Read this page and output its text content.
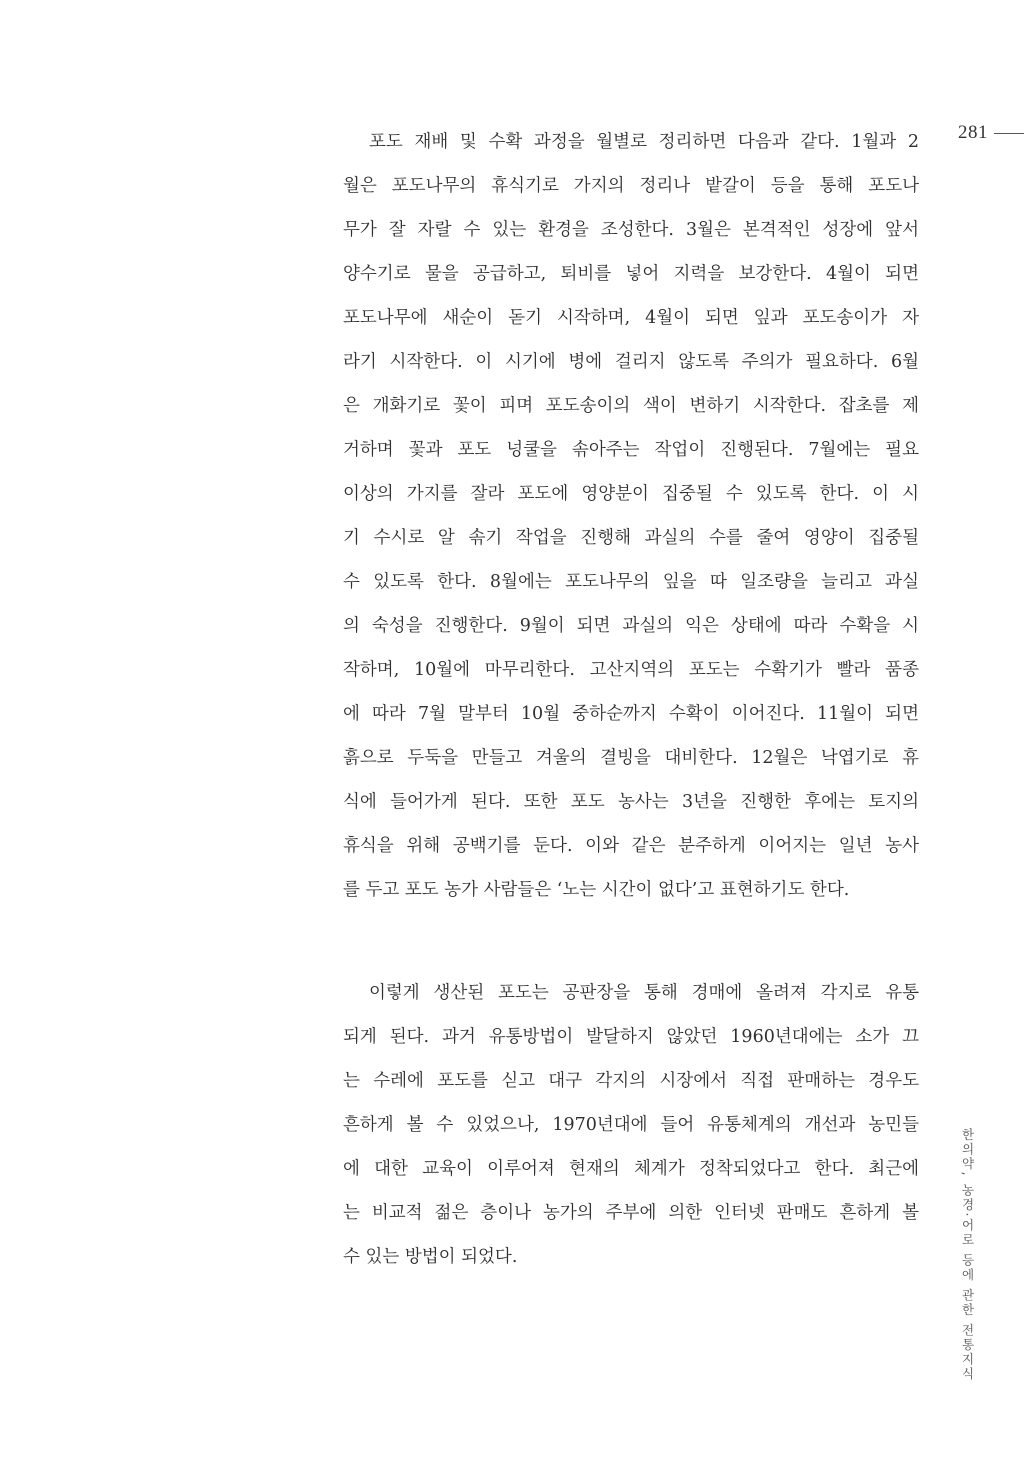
281
포도 재배 및 수확 과정을 월별로 정리하면 다음과 같다. 1월과 2
월은 포도나무의 휴식기로 가지의 정리나 밭갈이 등을 통해 포도나
무가 잘 자랄 수 있는 환경을 조성한다. 3월은 본격적인 성장에 앞서
양수기로 물을 공급하고, 퇴비를 넣어 지력을 보강한다. 4월이 되면
포도나무에 새순이 돋기 시작하며, 4월이 되면 잎과 포도송이가 자
라기 시작한다. 이 시기에 병에 걸리지 않도록 주의가 필요하다. 6월
은 개화기로 꽃이 피며 포도송이의 색이 변하기 시작한다. 잡초를 제
거하며 꽃과 포도 넝쿨을 솎아주는 작업이 진행된다. 7월에는 필요
이상의 가지를 잘라 포도에 영양분이 집중될 수 있도록 한다. 이 시
기 수시로 알 솎기 작업을 진행해 과실의 수를 줄여 영양이 집중될
수 있도록 한다. 8월에는 포도나무의 잎을 따 일조량을 늘리고 과실
의 숙성을 진행한다. 9월이 되면 과실의 익은 상태에 따라 수확을 시
작하며, 10월에 마무리한다. 고산지역의 포도는 수확기가 빨라 품종
에 따라 7월 말부터 10월 중하순까지 수확이 이어진다. 11월이 되면
흙으로 두둑을 만들고 겨울의 결빙을 대비한다. 12월은 낙엽기로 휴
식에 들어가게 된다. 또한 포도 농사는 3년을 진행한 후에는 토지의
휴식을 위해 공백기를 둔다. 이와 같은 분주하게 이어지는 일년 농사
를 두고 포도 농가 사람들은 ‘노는 시간이 없다’고 표현하기도 한다.
이렇게 생산된 포도는 공판장을 통해 경매에 올려져 각지로 유통
되게 된다. 과거 유통방법이 발달하지 않았던 1960년대에는 소가 끄
는 수레에 포도를 싣고 대구 각지의 시장에서 직접 판매하는 경우도
흔하게 볼 수 있었으나, 1970년대에 들어 유통체계의 개선과 농민들
에 대한 교육이 이루어져 현재의 체계가 정착되었다고 한다. 최근에
는 비교적 젊은 층이나 농가의 주부에 의한 인터넷 판매도 흔하게 볼
수 있는 방법이 되었다.	한의약, 농경·어로 등에 관한 전통지식
